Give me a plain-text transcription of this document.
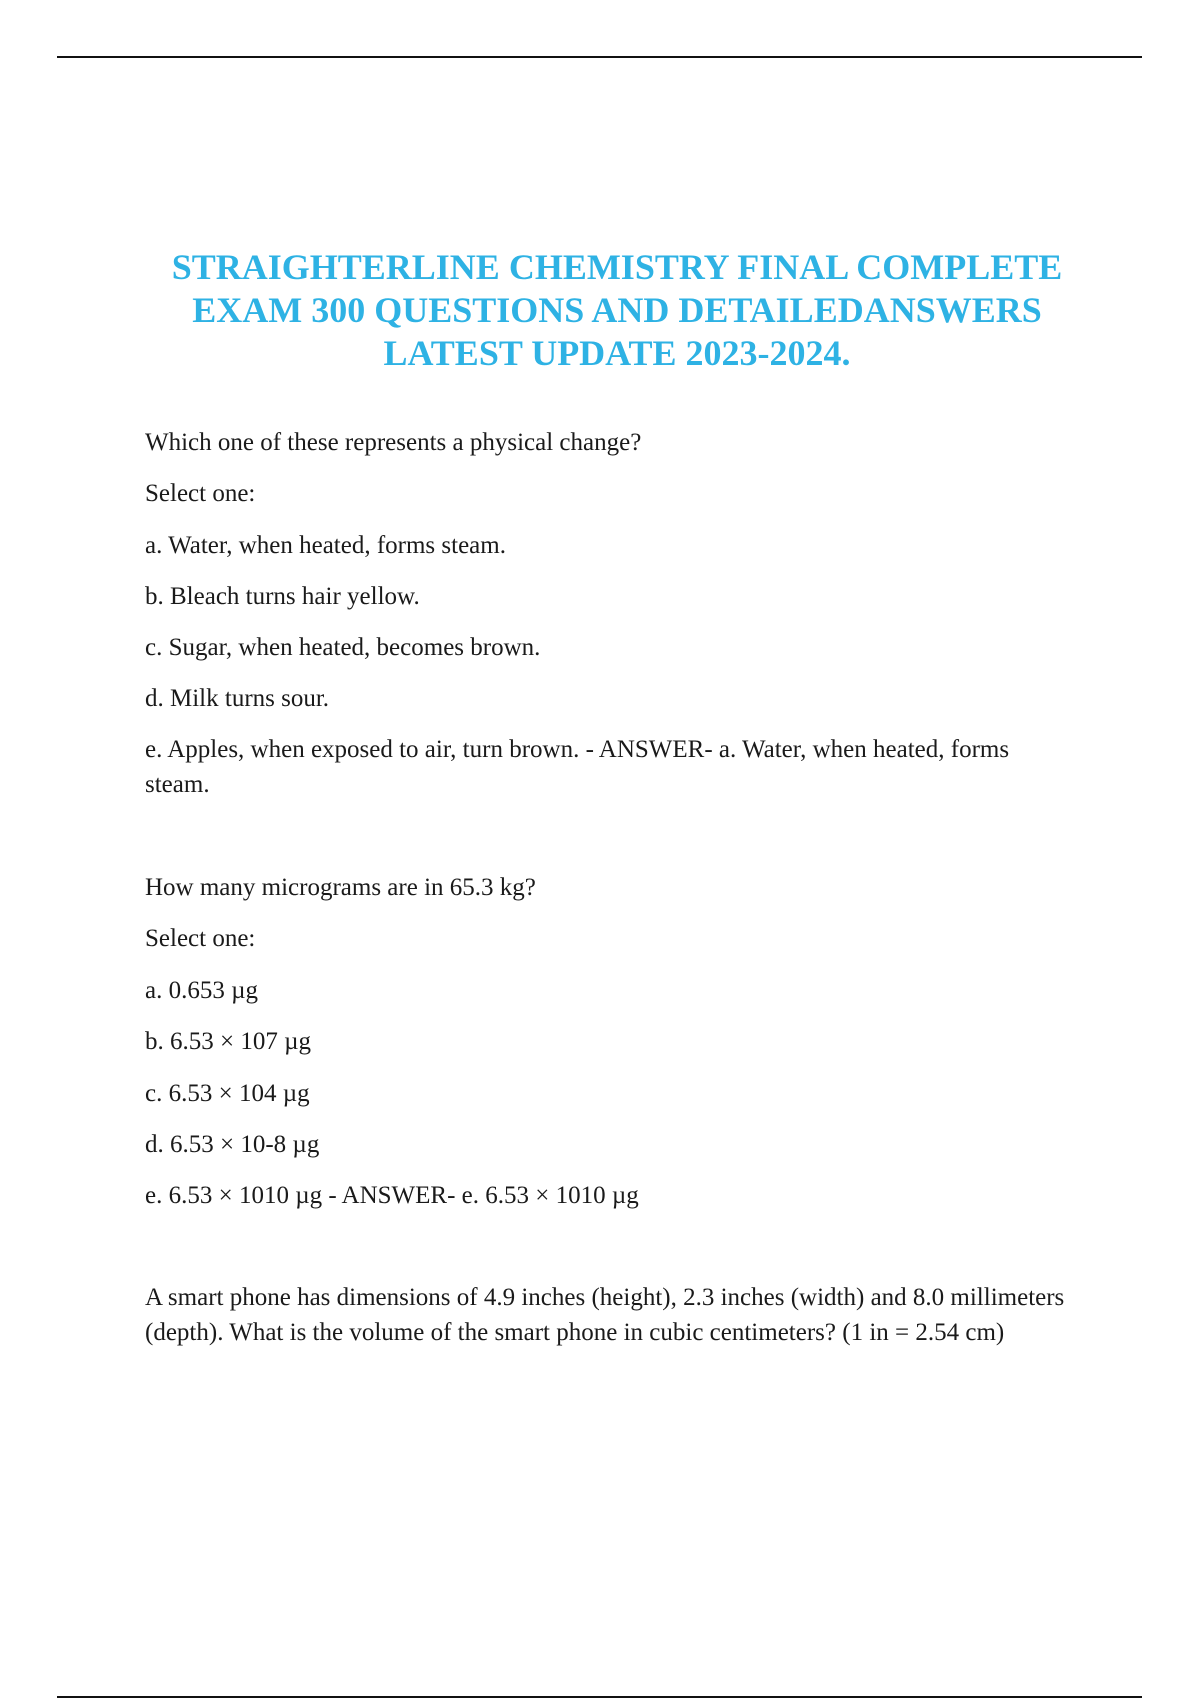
STRAIGHTERLINE CHEMISTRY FINAL COMPLETE
EXAM 300 QUESTIONS AND DETAILEDANSWERS
LATEST UPDATE 2023-2024.

Which one of these represents a physical change?

Select one:

a. Water, when heated, forms steam.

b. Bleach turns hair yellow.

c. Sugar, when heated, becomes brown.

d. Milk turns sour.

e. Apples, when exposed to air, turn brown. - ANSWER- a. Water, when heated, forms steam.

How many micrograms are in 65.3 kg?

Select one:

a. 0.653 µg

b. 6.53 × 107 µg

c. 6.53 × 104 µg

d. 6.53 × 10-8 µg

e. 6.53 × 1010 µg - ANSWER- e. 6.53 × 1010 µg

A smart phone has dimensions of 4.9 inches (height), 2.3 inches (width) and 8.0 millimeters (depth). What is the volume of the smart phone in cubic centimeters? (1 in = 2.54 cm)
